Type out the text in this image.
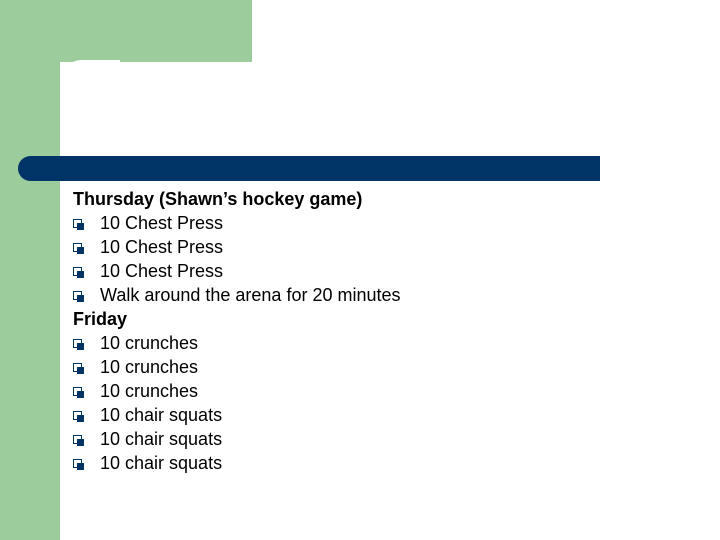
Thursday (Shawn’s hockey game)
10 Chest Press
10 Chest Press
10 Chest Press
Walk around the arena for 20 minutes
Friday
10 crunches
10 crunches
10 crunches
10 chair squats
10 chair squats
10 chair squats
